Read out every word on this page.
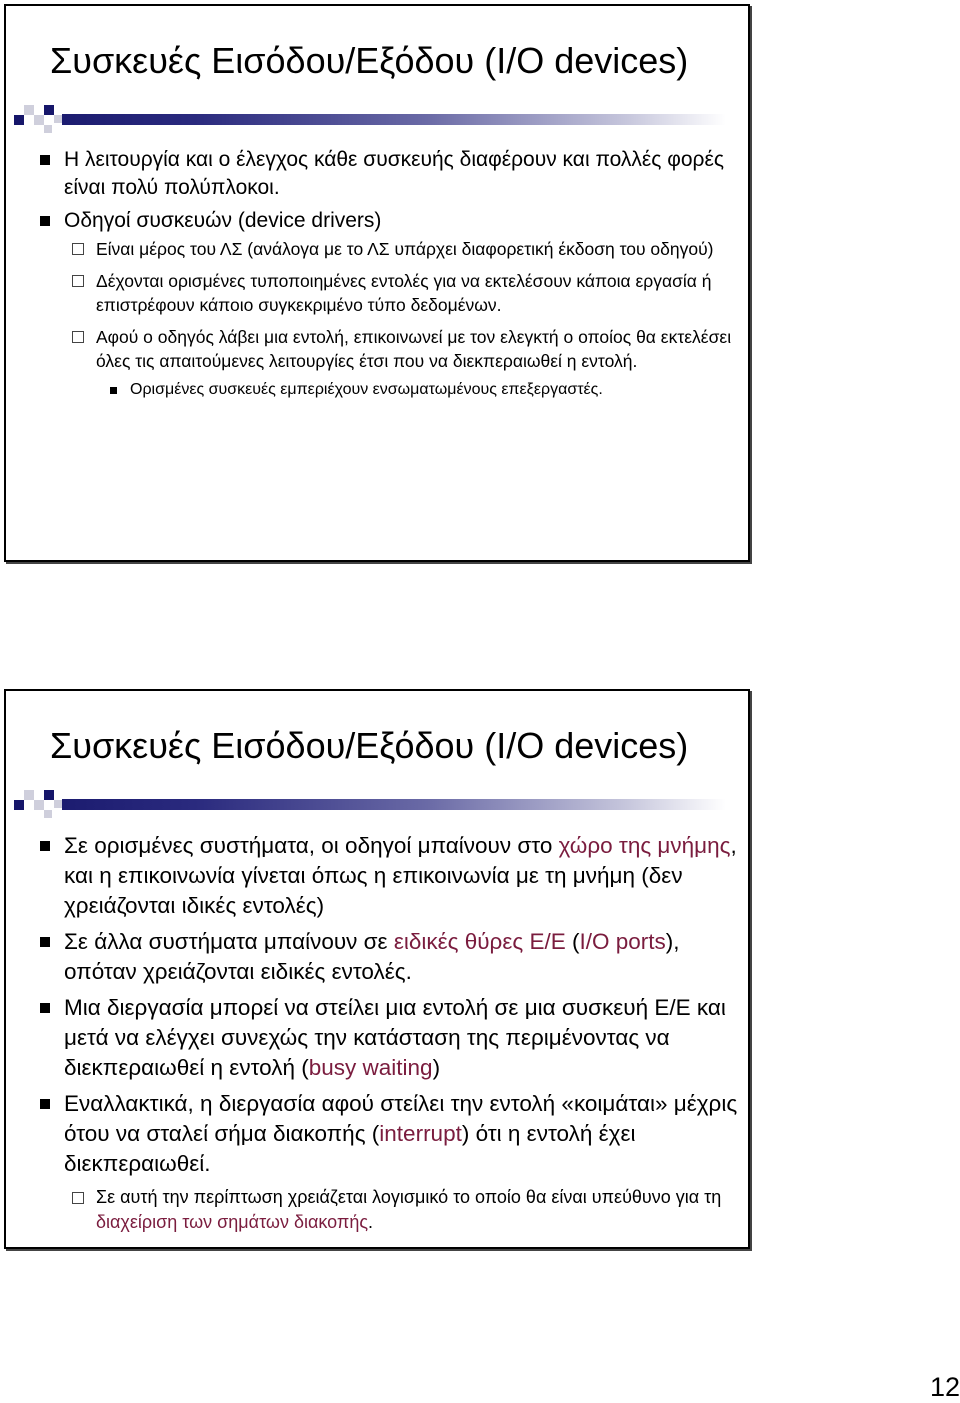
Συσκευές Εισόδου/Εξόδου (I/O devices)
Η λειτουργία και ο έλεγχος κάθε συσκευής διαφέρουν και πολλές φορές είναι πολύ πολύπλοκοι.
Οδηγοί συσκευών (device drivers)
Είναι μέρος του ΛΣ (ανάλογα με το ΛΣ υπάρχει διαφορετική έκδοση του οδηγού)
Δέχονται ορισμένες τυποποιημένες εντολές για να εκτελέσουν κάποια εργασία ή επιστρέφουν κάποιο συγκεκριμένο τύπο δεδομένων.
Αφού ο οδηγός λάβει μια εντολή, επικοινωνεί με τον ελεγκτή ο οποίος θα εκτελέσει όλες τις απαιτούμενες λειτουργίες έτσι που να διεκπεραιωθεί η εντολή.
Ορισμένες συσκευές εμπεριέχουν ενσωματωμένους επεξεργαστές.
Συσκευές Εισόδου/Εξόδου (I/O devices)
Σε ορισμένες συστήματα, οι οδηγοί μπαίνουν στο χώρο της μνήμης, και η επικοινωνία γίνεται όπως η επικοινωνία με τη μνήμη (δεν χρειάζονται ιδικές εντολές)
Σε άλλα συστήματα μπαίνουν σε ειδικές θύρες Ε/Ε (I/O ports), οπόταν χρειάζονται ειδικές εντολές.
Μια διεργασία μπορεί να στείλει μια εντολή σε μια συσκευή Ε/Ε και μετά να ελέγχει συνεχώς την κατάσταση της περιμένοντας να διεκπεραιωθεί η εντολή (busy waiting)
Εναλλακτικά, η διεργασία αφού στείλει την εντολή «κοιμάται» μέχρις ότου να σταλεί σήμα διακοπής (interrupt) ότι η εντολή έχει διεκπεραιωθεί.
Σε αυτή την περίπτωση χρειάζεται λογισμικό το οποίο θα είναι υπεύθυνο για τη διαχείριση των σημάτων διακοπής.
12
